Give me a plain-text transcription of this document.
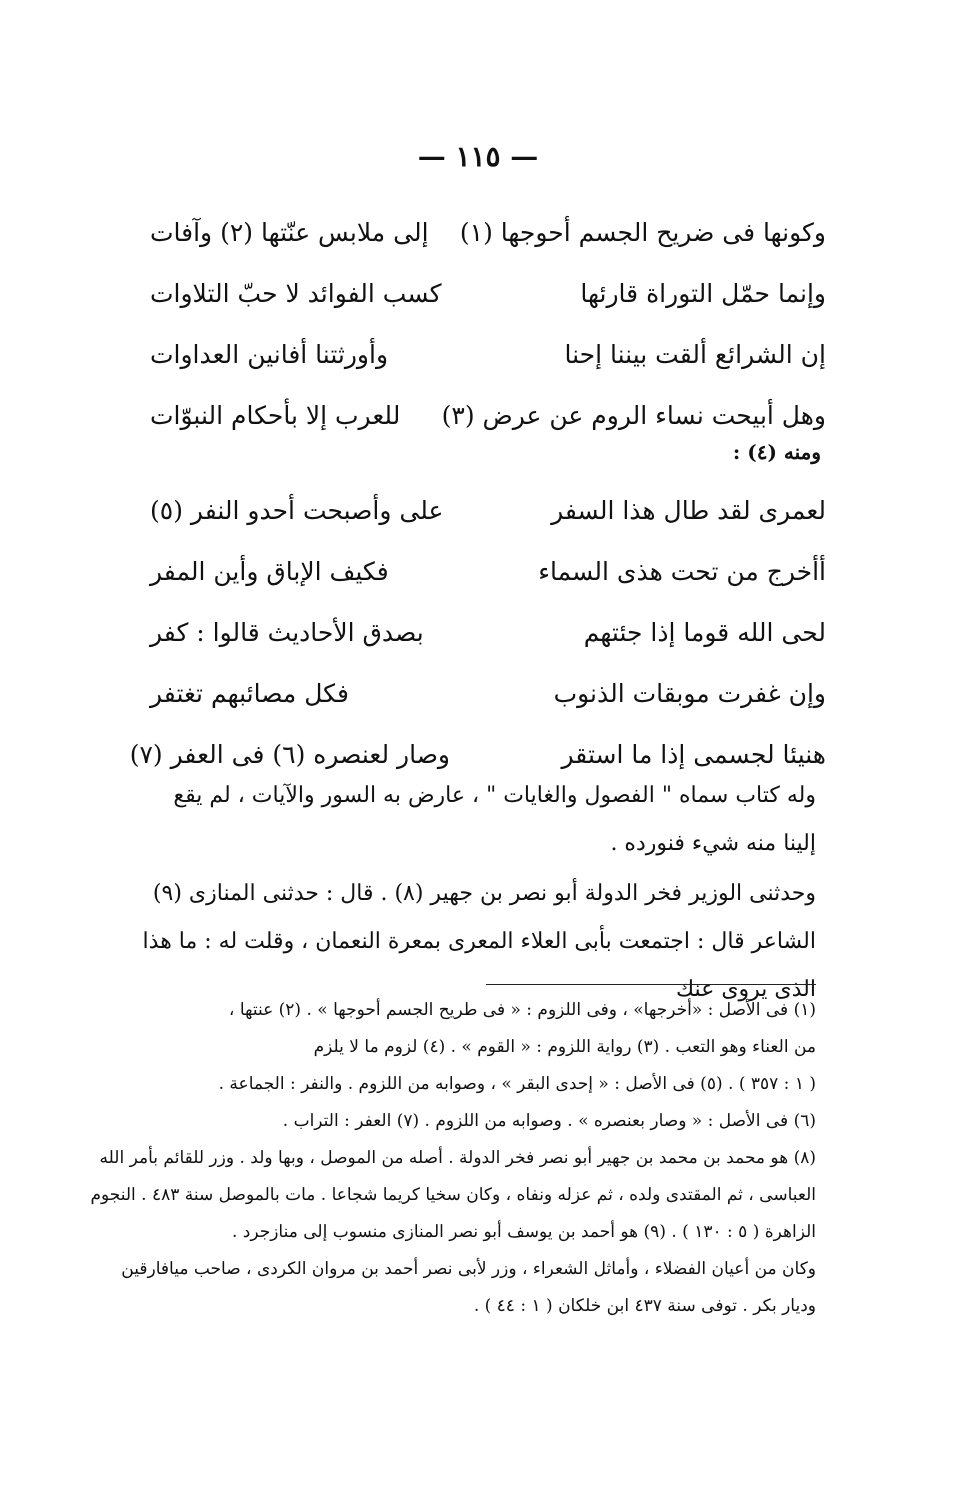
— ١١٥ —
وكونها فى ضريح الجسم أحوجها (١)
إلى ملابس عنّتها (٢) وآفات
وإنما حمّل التوراة قارئها
كسب الفوائد لا حبّ التلاوات
إن الشرائع ألقت بيننا إحنا
وأورثتنا أفانين العداوات
وهل أبيحت نساء الروم عن عرض (٣)
للعرب إلا بأحكام النبوّات
ومنه (٤) :
لعمرى لقد طال هذا السفر
على وأصبحت أحدو النفر (٥)
أأخرج من تحت هذى السماء
فكيف الإباق وأين المفر
لحى الله قوما إذا جئتهم
بصدق الأحاديث قالوا : كفر
وإن غفرت موبقات الذنوب
فكل مصائبهم تغتفر
هنيئا لجسمى إذا ما استقر
وصار لعنصره (٦) فى العفر (٧)

وله كتاب سماه " الفصول والغايات " ، عارض به السور والآيات ، لم يقع إلينا منه شيء فنورده .

وحدثنى الوزير فخر الدولة أبو نصر بن جهير (٨) . قال : حدثنى المنازى (٩) الشاعر قال : اجتمعت بأبى العلاء المعرى بمعرة النعمان ، وقلت له : ما هذا الذى يروى عنك

(١) فى الأصل : «أخرجها» ، وفى اللزوم : « فى طريح الجسم أحوجها » . (٢) عنتها ،

من العناء وهو التعب . (٣) رواية اللزوم : « القوم » . (٤) لزوم ما لا يلزم

( ١ : ٣٥٧ ) . (٥) فى الأصل : « إحدى البقر » ، وصوابه من اللزوم . والنفر : الجماعة .

(٦) فى الأصل : « وصار بعنصره » . وصوابه من اللزوم . (٧) العفر : التراب .

(٨) هو محمد بن محمد بن جهير أبو نصر فخر الدولة . أصله من الموصل ، وبها ولد . وزر للقائم بأمر الله

العباسى ، ثم المقتدى ولده ، ثم عزله ونفاه ، وكان سخيا كريما شجاعا . مات بالموصل سنة ٤٨٣ . النجوم

الزاهرة ( ٥ : ١٣٠ ) . (٩) هو أحمد بن يوسف أبو نصر المنازى منسوب إلى منازجرد .

وكان من أعيان الفضلاء ، وأماثل الشعراء ، وزر لأبى نصر أحمد بن مروان الكردى ، صاحب ميافارقين

وديار بكر . توفى سنة ٤٣٧ ابن خلكان ( ١ : ٤٤ ) .
